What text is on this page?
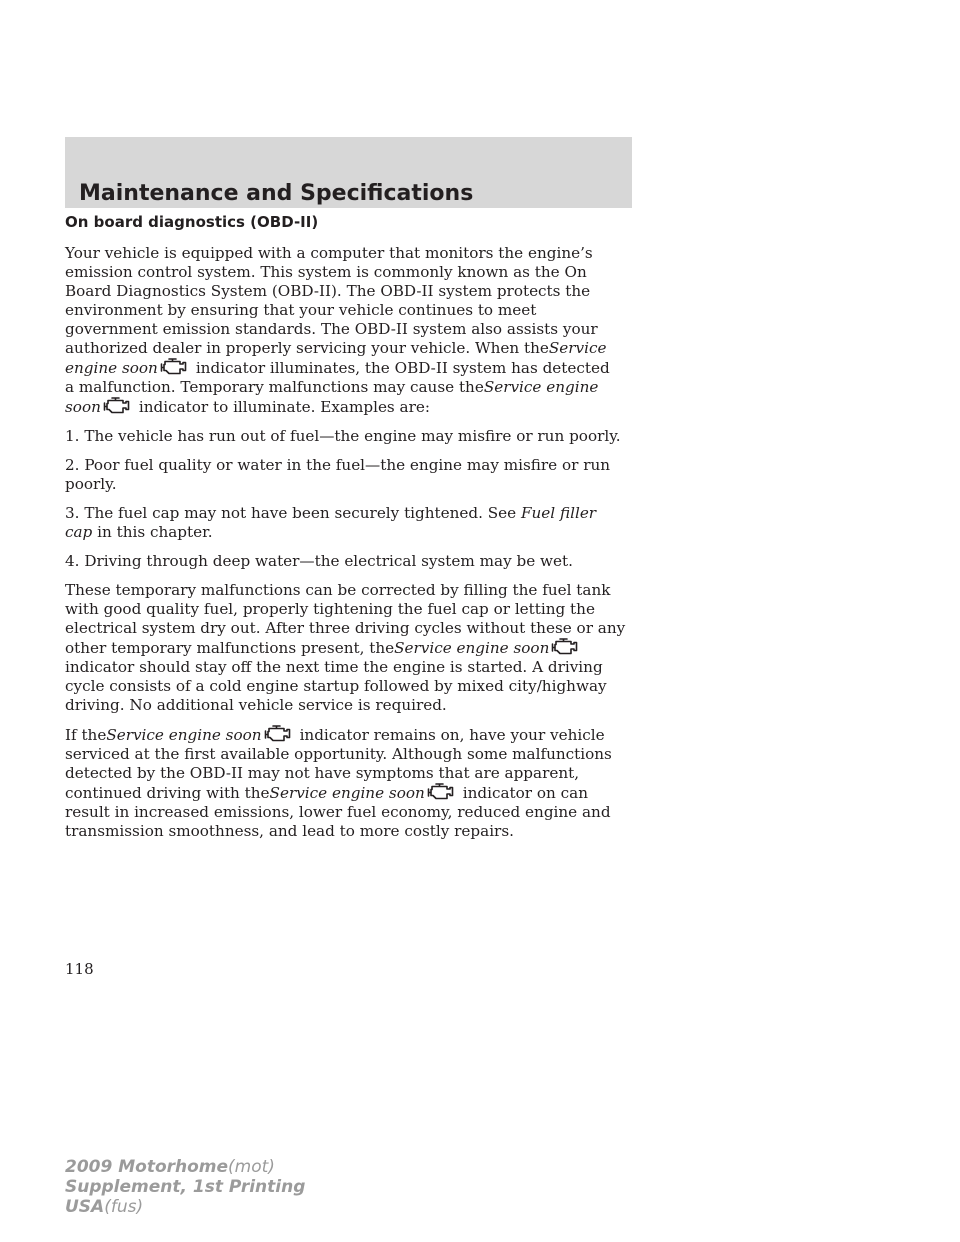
Maintenance and Specifications
On board diagnostics (OBD-II)

Your vehicle is equipped with a computer that monitors the engine’s
emission control system. This system is commonly known as the On
Board Diagnostics System (OBD-II). The OBD-II system protects the
environment by ensuring that your vehicle continues to meet
government emission standards. The OBD-II system also assists your
authorized dealer in properly servicing your vehicle. When theService
engine soon	indicator illuminates, the OBD-II system has detected
a malfunction. Temporary malfunctions may cause theService engine
soon	indicator to illuminate. Examples are:

1. The vehicle has run out of fuel—the engine may misfire or run poorly.

2. Poor fuel quality or water in the fuel—the engine may misfire or run
poorly.

3. The fuel cap may not have been securely tightened. See Fuel filler
cap in this chapter.

4. Driving through deep water—the electrical system may be wet.

These temporary malfunctions can be corrected by filling the fuel tank
with good quality fuel, properly tightening the fuel cap or letting the
electrical system dry out. After three driving cycles without these or any
other temporary malfunctions present, theService engine soon
indicator should stay off the next time the engine is started. A driving
cycle consists of a cold engine startup followed by mixed city/highway
driving. No additional vehicle service is required.

If theService engine soon	indicator remains on, have your vehicle
serviced at the first available opportunity. Although some malfunctions
detected by the OBD-II may not have symptoms that are apparent,
continued driving with theService engine soon	indicator on can
result in increased emissions, lower fuel economy, reduced engine and
transmission smoothness, and lead to more costly repairs.

118

2009 Motorhome(mot)
Supplement, 1st Printing
USA(fus)
